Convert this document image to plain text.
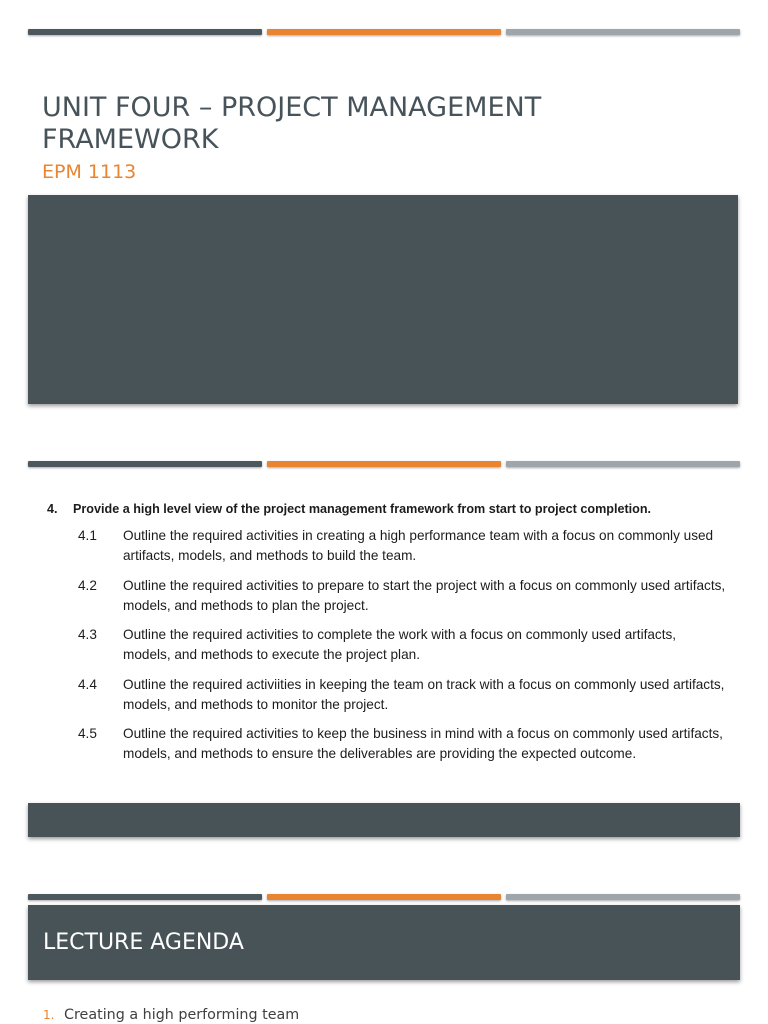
UNIT FOUR – PROJECT MANAGEMENT FRAMEWORK
EPM 1113
4. Provide a high level view of the project management framework from start to project completion.
4.1 Outline the required activities in creating a high performance team with a focus on commonly used
artifacts, models, and methods to build the team.
4.2 Outline the required activities to prepare to start the project with a focus on commonly used artifacts,
models, and methods to plan the project.
4.3 Outline the required activities to complete the work with a focus on commonly used artifacts,
models, and methods to execute the project plan.
4.4 Outline the required activiities in keeping the team on track with a focus on commonly used artifacts,
models, and methods to monitor the project.
4.5 Outline the required activities to keep the business in mind with a focus on commonly used artifacts,
models, and methods to ensure the deliverables are providing the expected outcome.
LECTURE AGENDA
1. Creating a high performing team
